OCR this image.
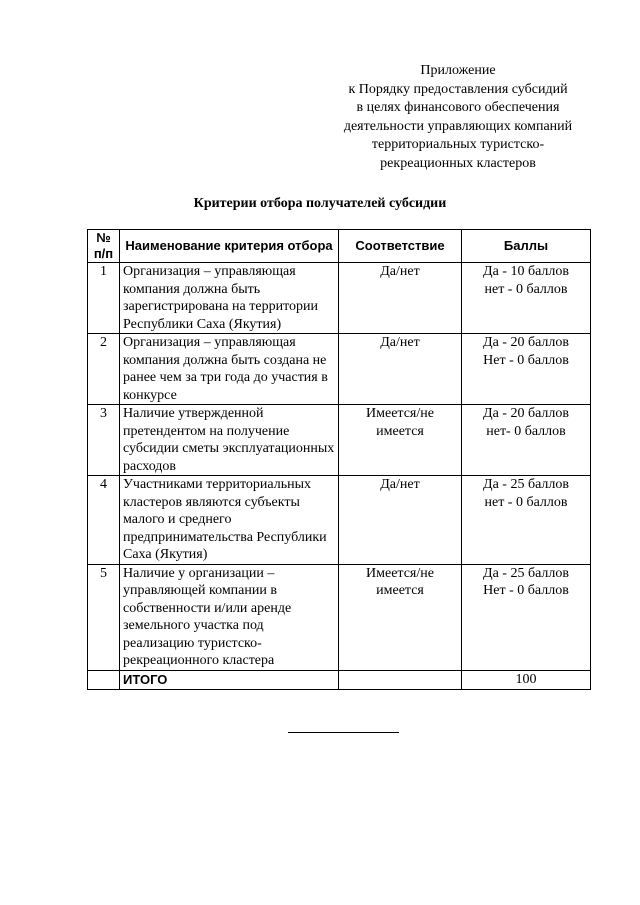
Приложение
к Порядку предоставления субсидий
в целях финансового обеспечения
деятельности управляющих компаний
территориальных туристско-
рекреационных кластеров
Критерии отбора получателей субсидии
№ п/п	Наименование критерия отбора	Соответствие	Баллы
1	Организация – управляющая компания должна быть зарегистрирована на территории Республики Саха (Якутия)	Да/нет	Да - 10 баллов
нет - 0 баллов

2	Организация – управляющая компания должна быть создана не ранее чем за три года до участия в конкурсе	Да/нет	Да - 20 баллов
Нет - 0 баллов

3	Наличие утвержденной претендентом на получение субсидии сметы эксплуатационных расходов	Имеется/не имеется	Да - 20 баллов
нет- 0 баллов

4	Участниками территориальных кластеров являются субъекты малого и среднего предпринимательства Республики Саха (Якутия)	Да/нет	Да - 25 баллов
нет - 0 баллов

5	Наличие у организации – управляющей компании в собственности и/или аренде земельного участка под реализацию туристско-рекреационного кластера	Имеется/не имеется	Да - 25 баллов
Нет - 0 баллов

	ИТОГО		100
